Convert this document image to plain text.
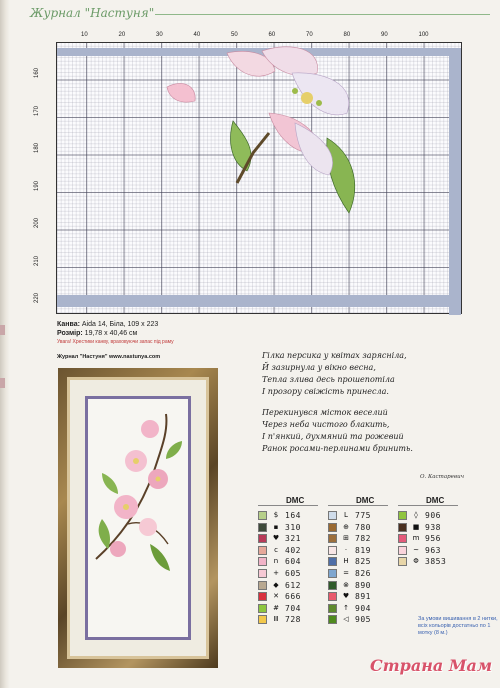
Журнал "Настуня"
10	20	30	40	50	60	70	80	90	100
160
170
180
190
200
210
220
Канва: Aida 14, Біла, 109 x 223
Розмір: 19,78 x 40,46 см
Увага! Хрестики канву, враховуючи запас під раму
Журнал "Настуня" www.nastunya.com	Гілка персика у квітах зарясніла,
Й зазирнула у вікно весна,
Тепла злива десь прошепотіла
І прозору свіжість принесла.
Перекинувся місток веселий
Через неба чистого блакить,
І п'янкий, духмяний та рожевий
Ранок росами-перлинами бринить.
О. Кастаревич
За умови вишивання в 2 нитки, всіх кольорів достатньо по 1 мотку (8 м.)
DMC
$ 164
▪ 310
♥ 321
c 402
n 604
+ 605
◆ 612
✕ 666
# 704
Ⅲ 728
DMC
L 775
⊕ 780
⊞ 782
· 819
H 825
= 826
⊗ 890
♥ 891
↑ 904
◁ 905
DMC
◊ 906
■ 938
m 956
~ 963
Φ 3853
Страна Мам
